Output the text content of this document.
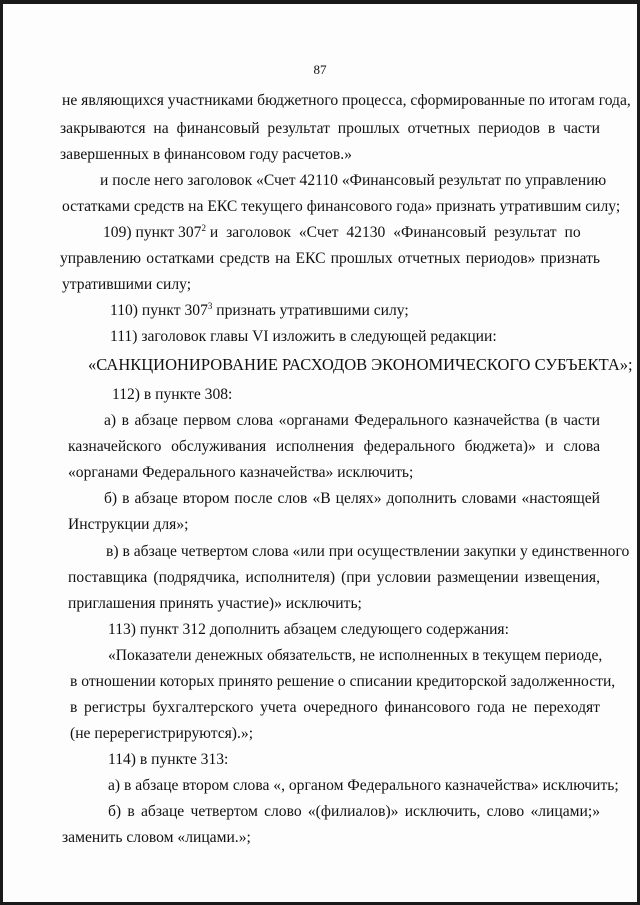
87
не являющихся участниками бюджетного процесса, сформированные по итогам года,
закрываются на финансовый результат прошлых отчетных периодов в части
завершенных в финансовом году расчетов.»
и после него заголовок «Счет 42110 «Финансовый результат по управлению
остатками средств на ЕКС текущего финансового года» признать утратившим силу;
109) пункт $307^2$ и заголовок «Счет 42130 «Финансовый результат по
управлению остатками средств на ЕКС прошлых отчетных периодов» признать
утратившими силу;
110) пункт $307^3$ признать утратившими силу;
111) заголовок главы VI изложить в следующей редакции:
«САНКЦИОНИРОВАНИЕ РАСХОДОВ ЭКОНОМИЧЕСКОГО СУБЪЕКТА»;
112) в пункте 308:
а) в абзаце первом слова «органами Федерального казначейства (в части
казначейского обслуживания исполнения федерального бюджета)» и слова
«органами Федерального казначейства» исключить;
б) в абзаце втором после слов «В целях» дополнить словами «настоящей
Инструкции для»;
в) в абзаце четвертом слова «или при осуществлении закупки у единственного
поставщика (подрядчика, исполнителя) (при условии размещении извещения,
приглашения принять участие)» исключить;
113) пункт 312 дополнить абзацем следующего содержания:
«Показатели денежных обязательств, не исполненных в текущем периоде,
в отношении которых принято решение о списании кредиторской задолженности,
в регистры бухгалтерского учета очередного финансового года не переходят
(не перерегистрируются).»;
114) в пункте 313:
а) в абзаце втором слова «, органом Федерального казначейства» исключить;
б) в абзаце четвертом слово «(филиалов)» исключить, слово «лицами;»
заменить словом «лицами.»;
